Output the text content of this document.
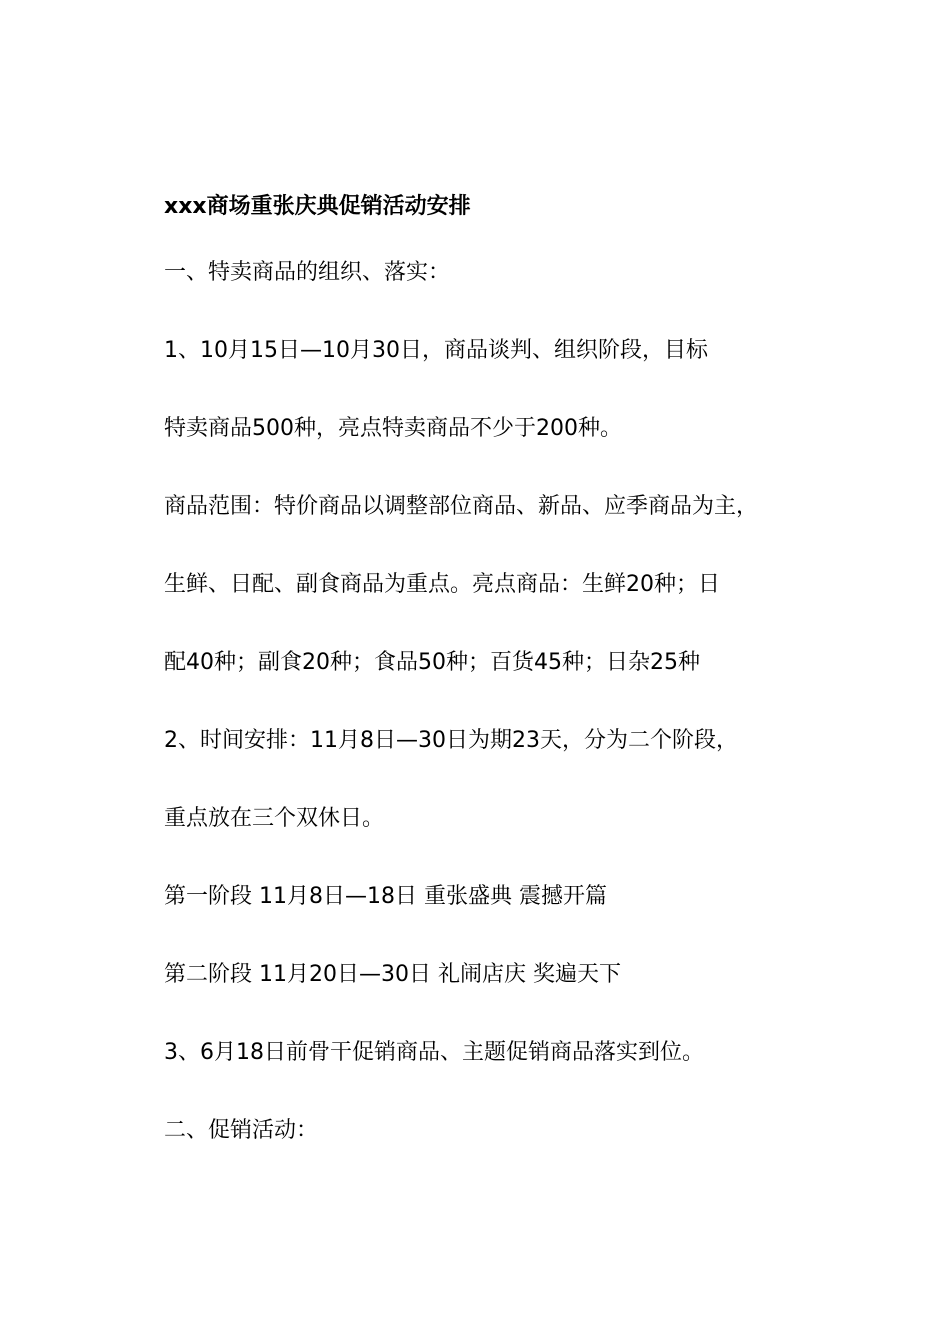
xxx商场重张庆典促销活动安排
一、特卖商品的组织、落实：
1、10月15日—10月30日，商品谈判、组织阶段，目标
特卖商品500种，亮点特卖商品不少于200种。
商品范围：特价商品以调整部位商品、新品、应季商品为主，
生鲜、日配、副食商品为重点。亮点商品：生鲜20种；日
配40种；副食20种；食品50种；百货45种；日杂25种
2、时间安排：11月8日—30日为期23天，分为二个阶段，
重点放在三个双休日。
第一阶段 11月8日—18日 重张盛典 震撼开篇
第二阶段 11月20日—30日 礼闹店庆 奖遍天下
3、6月18日前骨干促销商品、主题促销商品落实到位。
二、促销活动：
